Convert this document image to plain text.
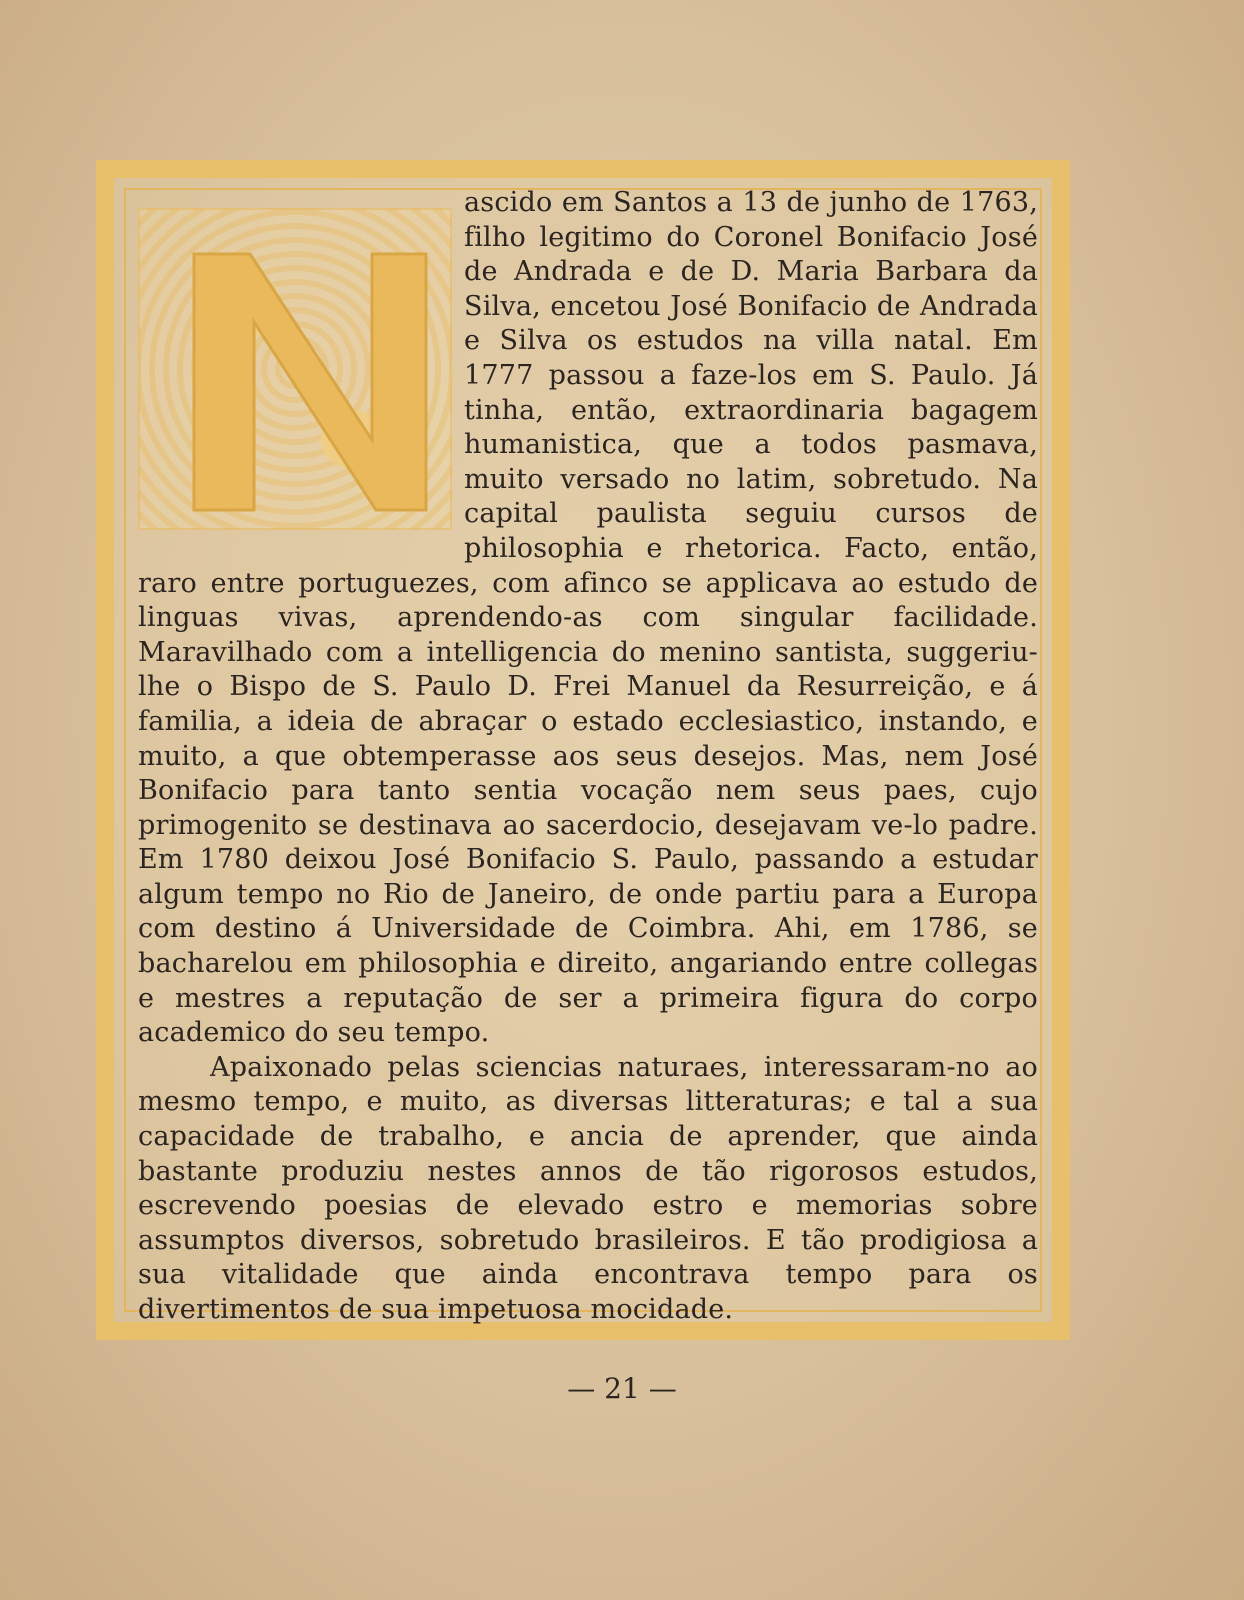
N	ascido em Santos a 13 de junho de 1763, filho legitimo do Coronel Bonifacio José de Andrada e de D. Maria Barbara da Silva, encetou José Bonifacio de Andrada e Silva os estudos na villa natal. Em 1777 passou a faze-los em S. Paulo. Já tinha, então, extraordinaria bagagem humanistica, que a todos pasmava, muito versado no latim, sobretudo. Na capital paulista seguiu cursos de philosophia e rhetorica. Facto, então, raro entre portuguezes, com afinco se applicava ao estudo de linguas vivas, aprendendo-as com singular facilidade. Maravilhado com a intelligencia do menino santista, suggeriu-lhe o Bispo de S. Paulo D. Frei Manuel da Resurreição, e á familia, a ideia de abraçar o estado ecclesiastico, instando, e muito, a que obtemperasse aos seus desejos. Mas, nem José Bonifacio para tanto sentia vocação nem seus paes, cujo primogenito se destinava ao sacerdocio, desejavam ve-lo padre. Em 1780 deixou José Bonifacio S. Paulo, passando a estudar algum tempo no Rio de Janeiro, de onde partiu para a Europa com destino á Universidade de Coimbra. Ahi, em 1786, se bacharelou em philosophia e direito, angariando entre collegas e mestres a reputação de ser a primeira figura do corpo academico do seu tempo.

Apaixonado pelas sciencias naturaes, interessaram-no ao mesmo tempo, e muito, as diversas litteraturas; e tal a sua capacidade de trabalho, e ancia de aprender, que ainda bastante produziu nestes annos de tão rigorosos estudos, escrevendo poesias de elevado estro e memorias sobre assumptos diversos, sobretudo brasileiros. E tão prodigiosa a sua vitalidade que ainda encontrava tempo para os divertimentos de sua impetuosa mocidade.

— 21 —
